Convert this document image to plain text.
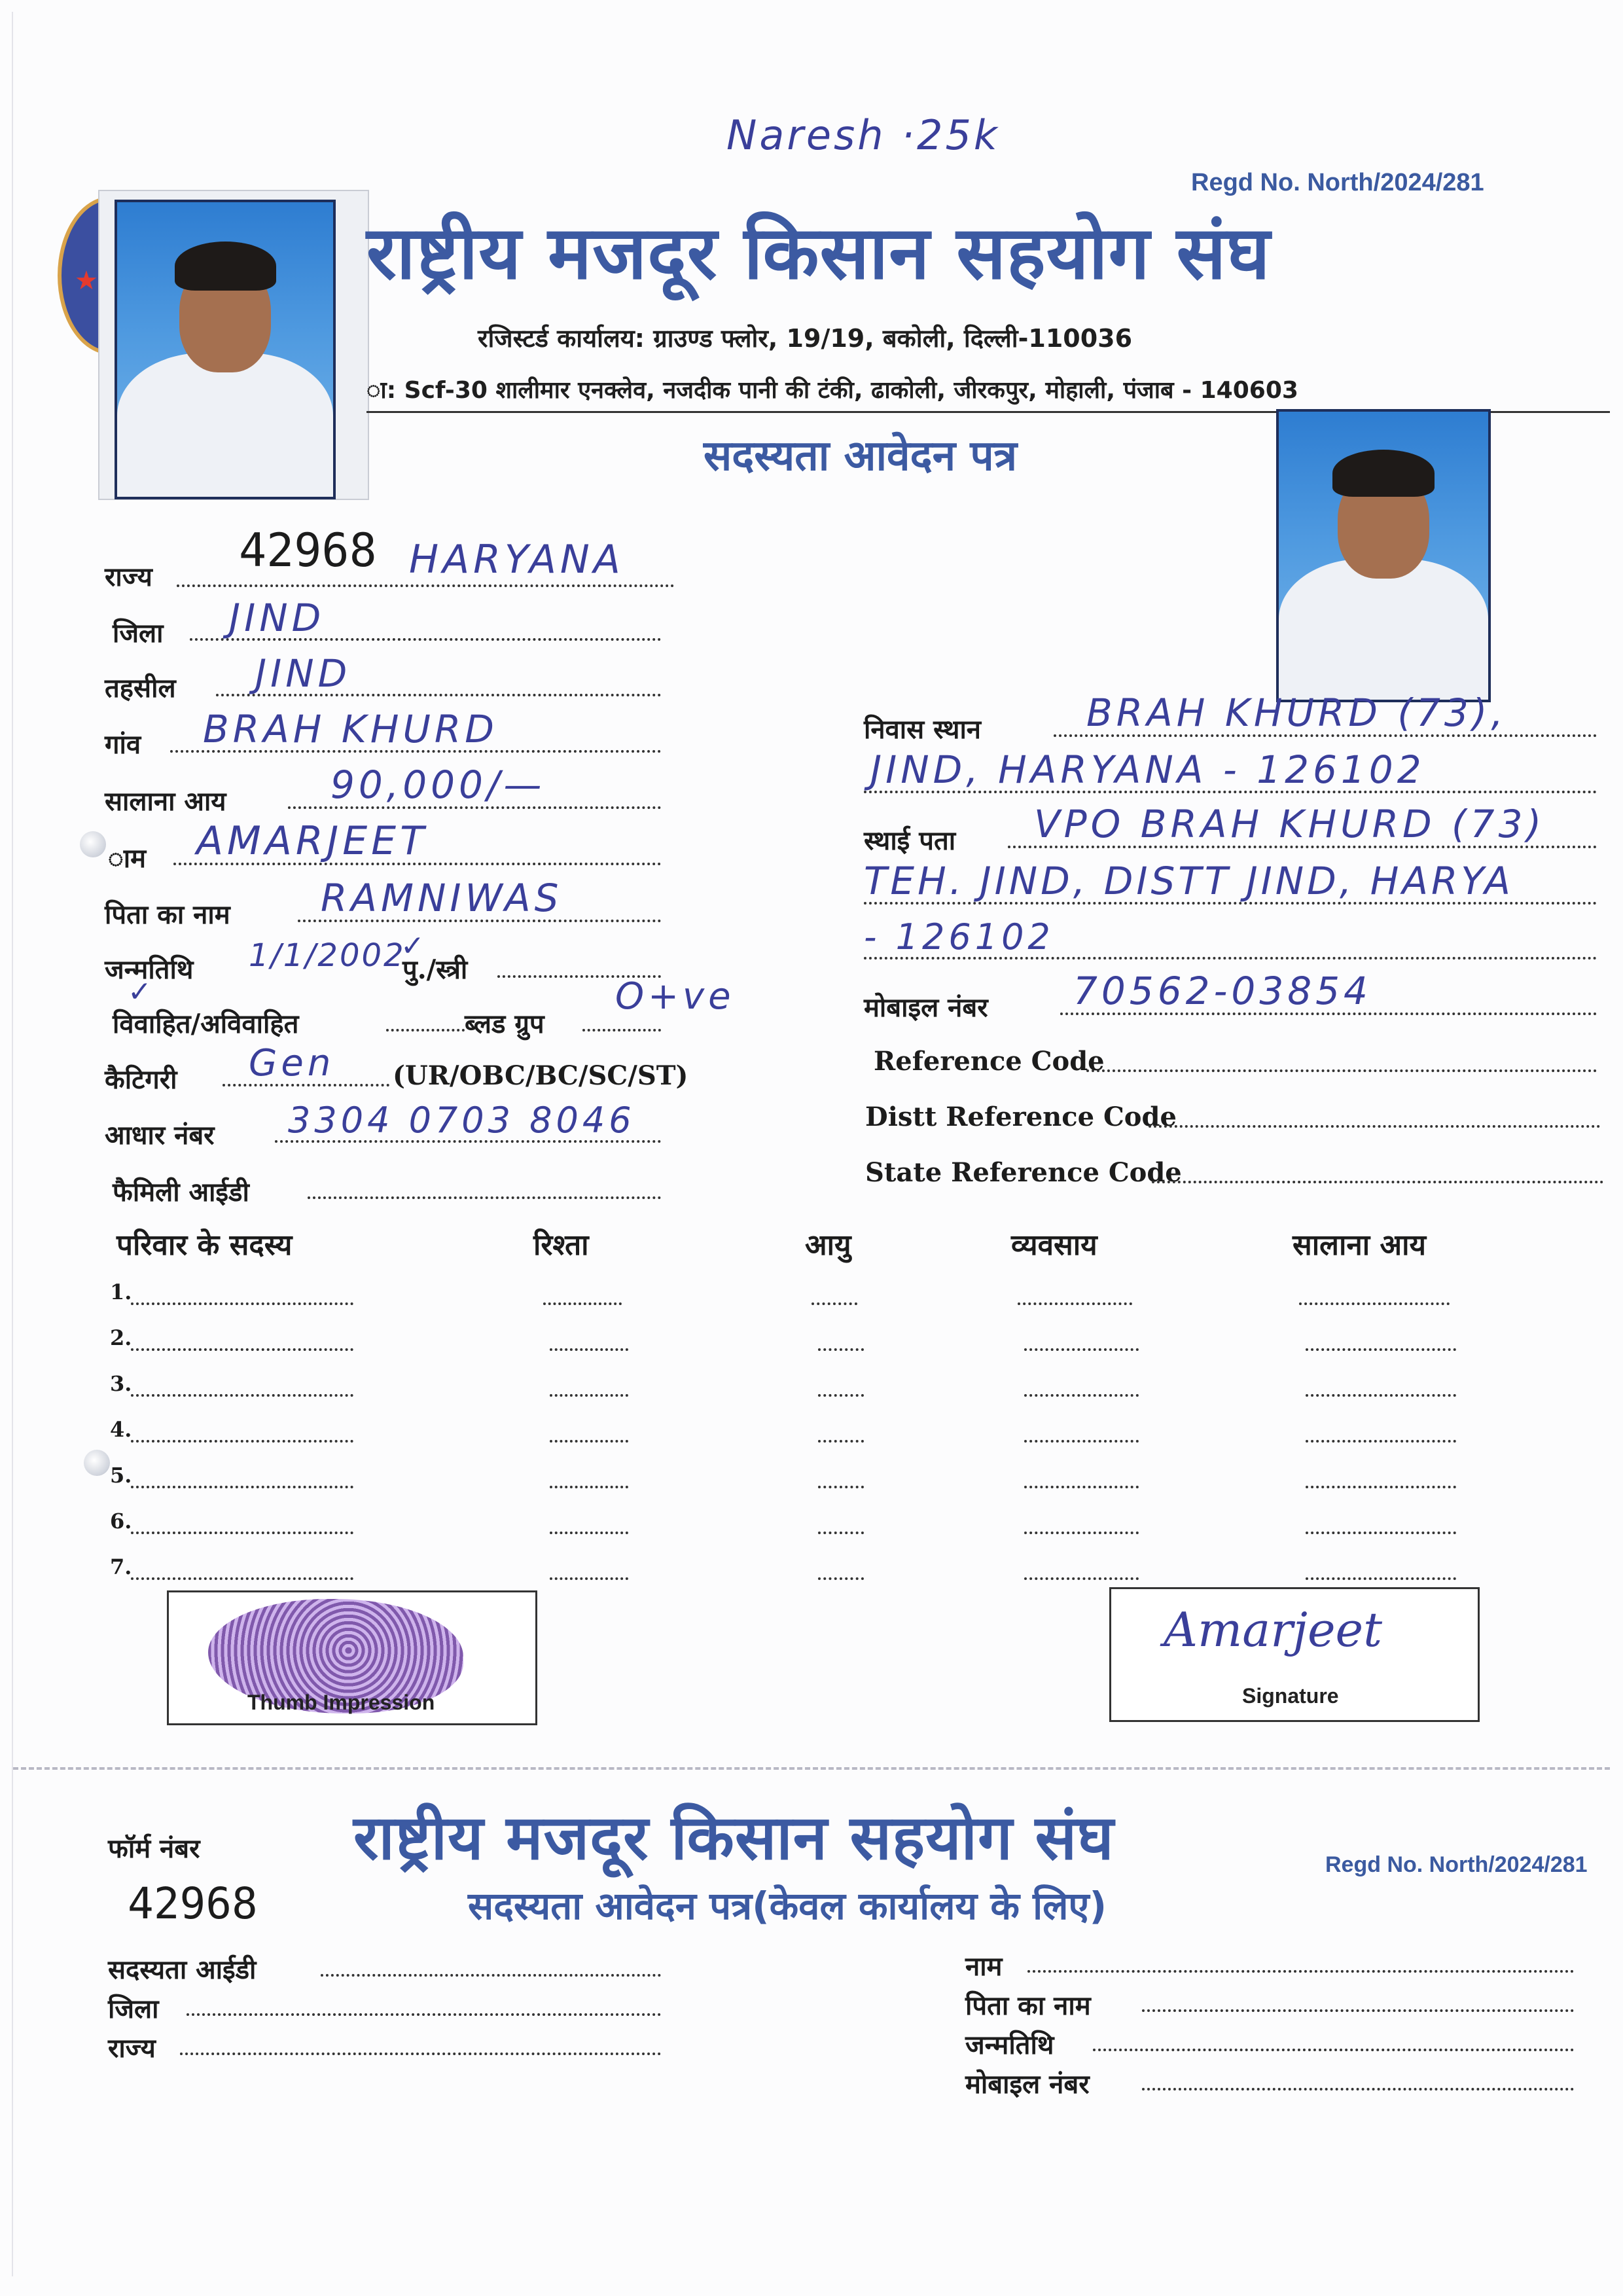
Naresh ·25k
Regd No. North/2024/281
★	राष्ट्रीय मजदूर किसान सहयोग संघ
रजिस्टर्ड कार्यालय: ग्राउण्ड फ्लोर, 19/19, बकोली, दिल्ली-110036
ा: Scf-30 शालीमार एनक्लेव, नजदीक पानी की टंकी, ढाकोली, जीरकपुर, मोहाली, पंजाब - 140603
सदस्यता आवेदन पत्र
42968
राज्य	HARYANA
जिला JIND
तहसील JIND
गांव BRAH KHURD
सालाना आय	90,000/—
ाम AMARJEET
पिता का नाम RAMNIWAS
जन्मतिथि 1/1/2002
✓
पु./स्त्री
✓
विवाहित/अविवाहित	ब्लड ग्रुप
O+ve
कैटिगरी Gen (UR/OBC/BC/SC/ST)
आधार नंबर 3304 0703 8046
फैमिली आईडी
निवास स्थान	BRAH KHURD (73),
JIND, HARYANA - 126102
स्थाई पता VPO BRAH KHURD (73)
TEH. JIND, DISTT JIND, HARYA
- 126102
मोबाइल नंबर 70562-03854
Reference Code
Distt Reference Code
State Reference Code
परिवार के सदस्य	रिश्ता	आयु	व्यवसाय	सालाना आय
1.
2.
3.
4.
5.
6.
7.
Thumb Impression
Amarjeet
Signature
फॉर्म नंबर
42968
राष्ट्रीय मजदूर किसान सहयोग संघ	Regd No. North/2024/281
सदस्यता आवेदन पत्र(केवल कार्यालय के लिए)
सदस्यता आईडी
जिला
राज्य
नाम
पिता का नाम
जन्मतिथि
मोबाइल नंबर
